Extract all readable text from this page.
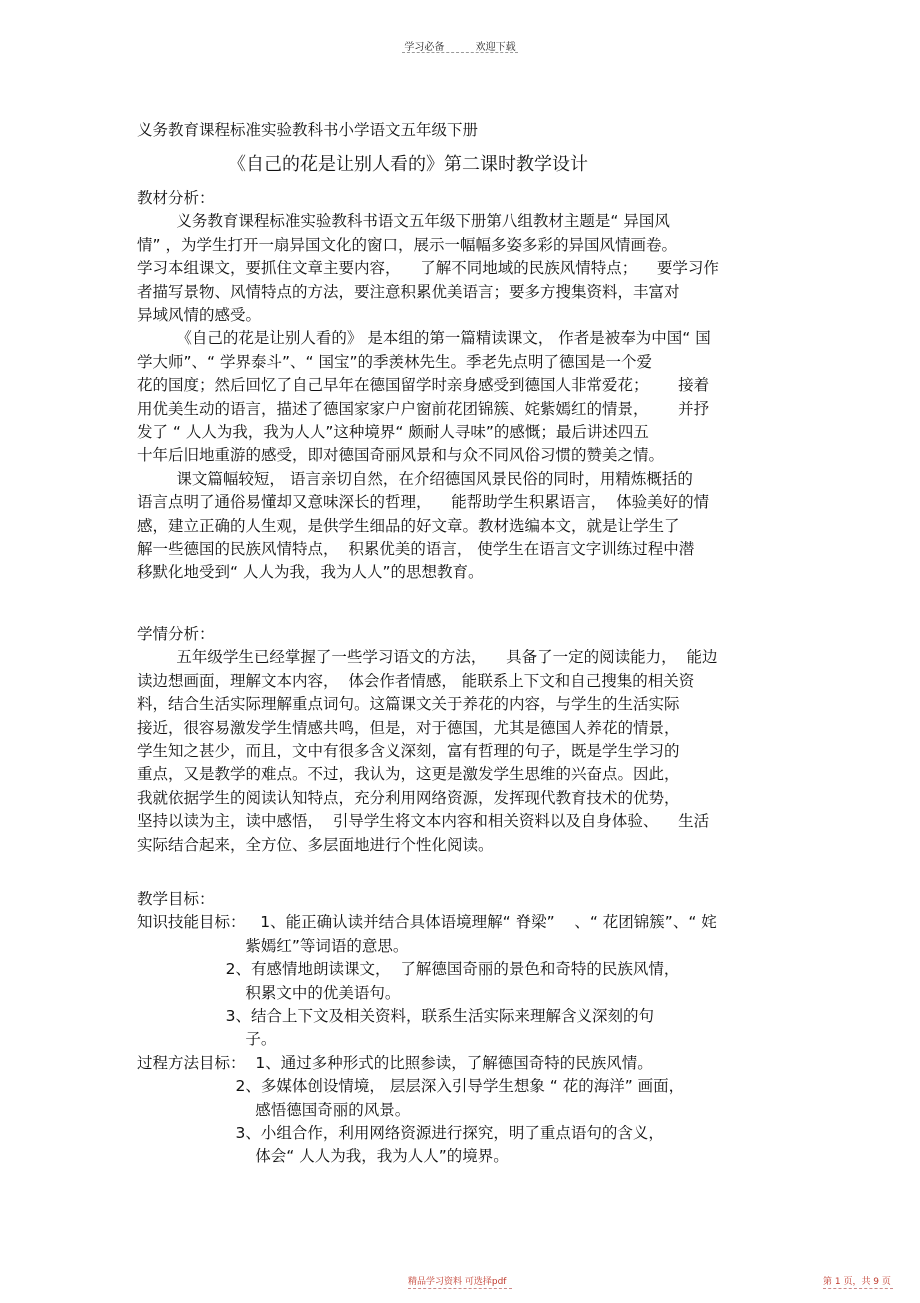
学习必备	欢迎下载
义务教育课程标准实验教科书小学语文五年级下册
《自己的花是让别人看的》第二课时教学设计
教材分析：
义务教育课程标准实验教科书语文五年级下册第八组教材主题是“ 异国风
情” ，为学生打开一扇异国文化的窗口，展示一幅幅多姿多彩的异国风情画卷。
学习本组课文，要抓住文章主要内容，    了解不同地域的民族风情特点；    要学习作
者描写景物、风情特点的方法，要注意积累优美语言；要多方搜集资料，丰富对
异域风情的感受。
《自己的花是让别人看的》 是本组的第一篇精读课文， 作者是被奉为中国“ 国
学大师”、“ 学界泰斗”、“ 国宝”的季羡林先生。季老先点明了德国是一个爱
花的国度；然后回忆了自己早年在德国留学时亲身感受到德国人非常爱花；      接着
用优美生动的语言，描述了德国家家户户窗前花团锦簇、姹紫嫣红的情景，      并抒
发了 “ 人人为我，我为人人”这种境界“ 颇耐人寻味”的感慨；最后讲述四五
十年后旧地重游的感受，即对德国奇丽风景和与众不同风俗习惯的赞美之情。
课文篇幅较短， 语言亲切自然，在介绍德国风景民俗的同时，用精炼概括的
语言点明了通俗易懂却又意味深长的哲理，    能帮助学生积累语言，  体验美好的情
感，建立正确的人生观，是供学生细品的好文章。教材选编本文，就是让学生了
解一些德国的民族风情特点，  积累优美的语言， 使学生在语言文字训练过程中潜
移默化地受到“ 人人为我，我为人人”的思想教育。
学情分析：
五年级学生已经掌握了一些学习语文的方法，    具备了一定的阅读能力，  能边
读边想画面，理解文本内容，  体会作者情感， 能联系上下文和自己搜集的相关资
料，结合生活实际理解重点词句。这篇课文关于养花的内容，与学生的生活实际
接近，很容易激发学生情感共鸣，但是，对于德国，尤其是德国人养花的情景，
学生知之甚少，而且，文中有很多含义深刻，富有哲理的句子，既是学生学习的
重点，又是教学的难点。不过，我认为，这更是激发学生思维的兴奋点。因此，
我就依据学生的阅读认知特点，充分利用网络资源，发挥现代教育技术的优势，
坚持以读为主，读中感悟，  引导学生将文本内容和相关资料以及自身体验、    生活
实际结合起来，全方位、多层面地进行个性化阅读。
教学目标：
知识技能目标：   1、能正确认读并结合具体语境理解“ 脊梁”    、“ 花团锦簇”、“ 姹
紫嫣红”等词语的意思。
2、有感情地朗读课文，  了解德国奇丽的景色和奇特的民族风情，
积累文中的优美语句。
3、结合上下文及相关资料，联系生活实际来理解含义深刻的句
子。
过程方法目标：  1、通过多种形式的比照参读，了解德国奇特的民族风情。
2、多媒体创设情境， 层层深入引导学生想象 “ 花的海洋” 画面，
感悟德国奇丽的风景。
3、小组合作，利用网络资源进行探究，明了重点语句的含义，
体会“ 人人为我，我为人人”的境界。
精品学习资料 可选择pdf	第 1 页，共 9 页
